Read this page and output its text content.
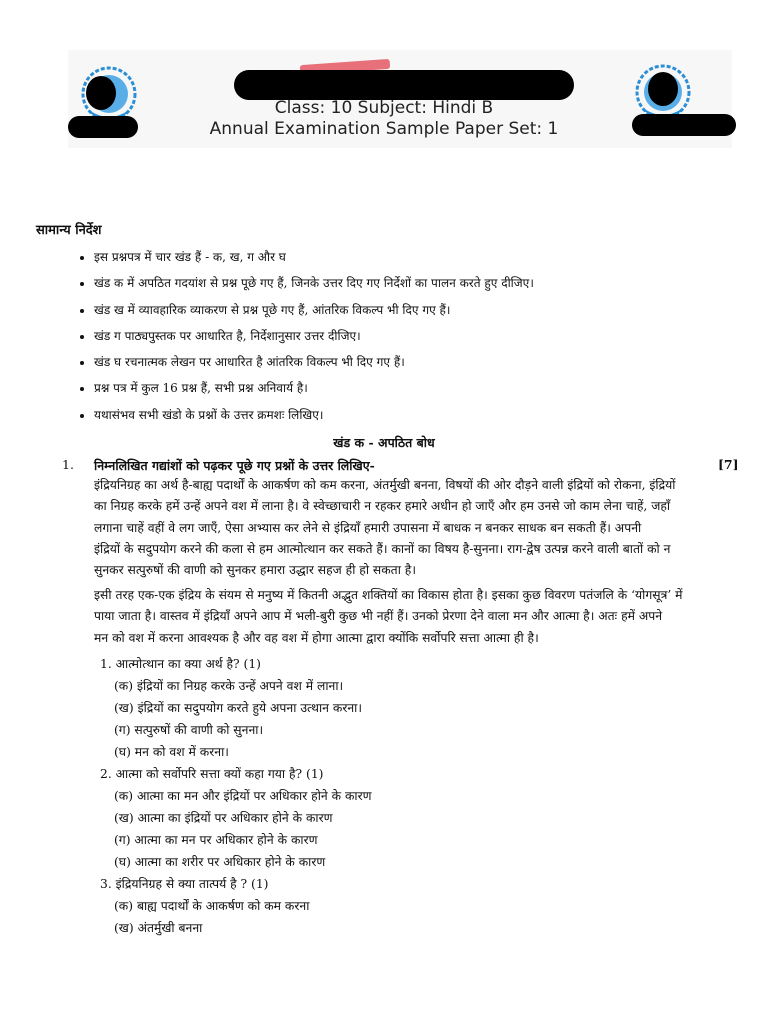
Class: 10 Subject: Hindi B
Annual Examination Sample Paper Set: 1
सामान्य निर्देश
• इस प्रश्नपत्र में चार खंड हैं - क, ख, ग और घ
• खंड क में अपठित गदयांश से प्रश्न पूछे गए हैं, जिनके उत्तर दिए गए निर्देशों का पालन करते हुए दीजिए।
• खंड ख में व्यावहारिक व्याकरण से प्रश्न पूछे गए हैं, आंतरिक विकल्प भी दिए गए हैं।
• खंड ग पाठ्यपुस्तक पर आधारित है, निर्देशानुसार उत्तर दीजिए।
• खंड घ रचनात्मक लेखन पर आधारित है आंतरिक विकल्प भी दिए गए हैं।
• प्रश्न पत्र में कुल 16 प्रश्न हैं, सभी प्रश्न अनिवार्य है।
• यथासंभव सभी खंडो के प्रश्नों के उत्तर क्रमशः लिखिए।
खंड क - अपठित बोध
1. निम्नलिखित गद्यांशों को पढ़कर पूछे गए प्रश्नों के उत्तर लिखिए-	[7]
इंद्रियनिग्रह का अर्थ है-बाह्य पदार्थों के आकर्षण को कम करना, अंतर्मुखी बनना, विषयों की ओर दौड़ने वाली इंद्रियों को रोकना, इंद्रियों
का निग्रह करके हमें उन्हें अपने वश में लाना है। वे स्वेच्छाचारी न रहकर हमारे अधीन हो जाएँ और हम उनसे जो काम लेना चाहें, जहाँ
लगाना चाहें वहीं वे लग जाएँ, ऐसा अभ्यास कर लेने से इंद्रियाँ हमारी उपासना में बाधक न बनकर साधक बन सकती हैं। अपनी
इंद्रियों के सदुपयोग करने की कला से हम आत्मोत्थान कर सकते हैं। कानों का विषय है-सुनना। राग-द्वेष उत्पन्न करने वाली बातों को न
सुनकर सत्पुरुषों की वाणी को सुनकर हमारा उद्धार सहज ही हो सकता है।
इसी तरह एक-एक इंद्रिय के संयम से मनुष्य में कितनी अद्भुत शक्तियों का विकास होता है। इसका कुछ विवरण पतंजलि के ‘योगसूत्र’ में
पाया जाता है। वास्तव में इंद्रियाँ अपने आप में भली-बुरी कुछ भी नहीं हैं। उनको प्रेरणा देने वाला मन और आत्मा है। अतः हमें अपने
मन को वश में करना आवश्यक है और वह वश में होगा आत्मा द्वारा क्योंकि सर्वोपरि सत्ता आत्मा ही है।
1. आत्मोत्थान का क्या अर्थ है? (1)
(क) इंद्रियों का निग्रह करके उन्हें अपने वश में लाना।
(ख) इंद्रियों का सदुपयोग करते हुये अपना उत्थान करना।
(ग) सत्पुरुषों की वाणी को सुनना।
(घ) मन को वश में करना।
2. आत्मा को सर्वोपरि सत्ता क्यों कहा गया है? (1)
(क) आत्मा का मन और इंद्रियों पर अधिकार होने के कारण
(ख) आत्मा का इंद्रियों पर अधिकार होने के कारण
(ग) आत्मा का मन पर अधिकार होने के कारण
(घ) आत्मा का शरीर पर अधिकार होने के कारण
3. इंद्रियनिग्रह से क्या तात्पर्य है ? (1)
(क) बाह्य पदार्थों के आकर्षण को कम करना
(ख) अंतर्मुखी बनना
